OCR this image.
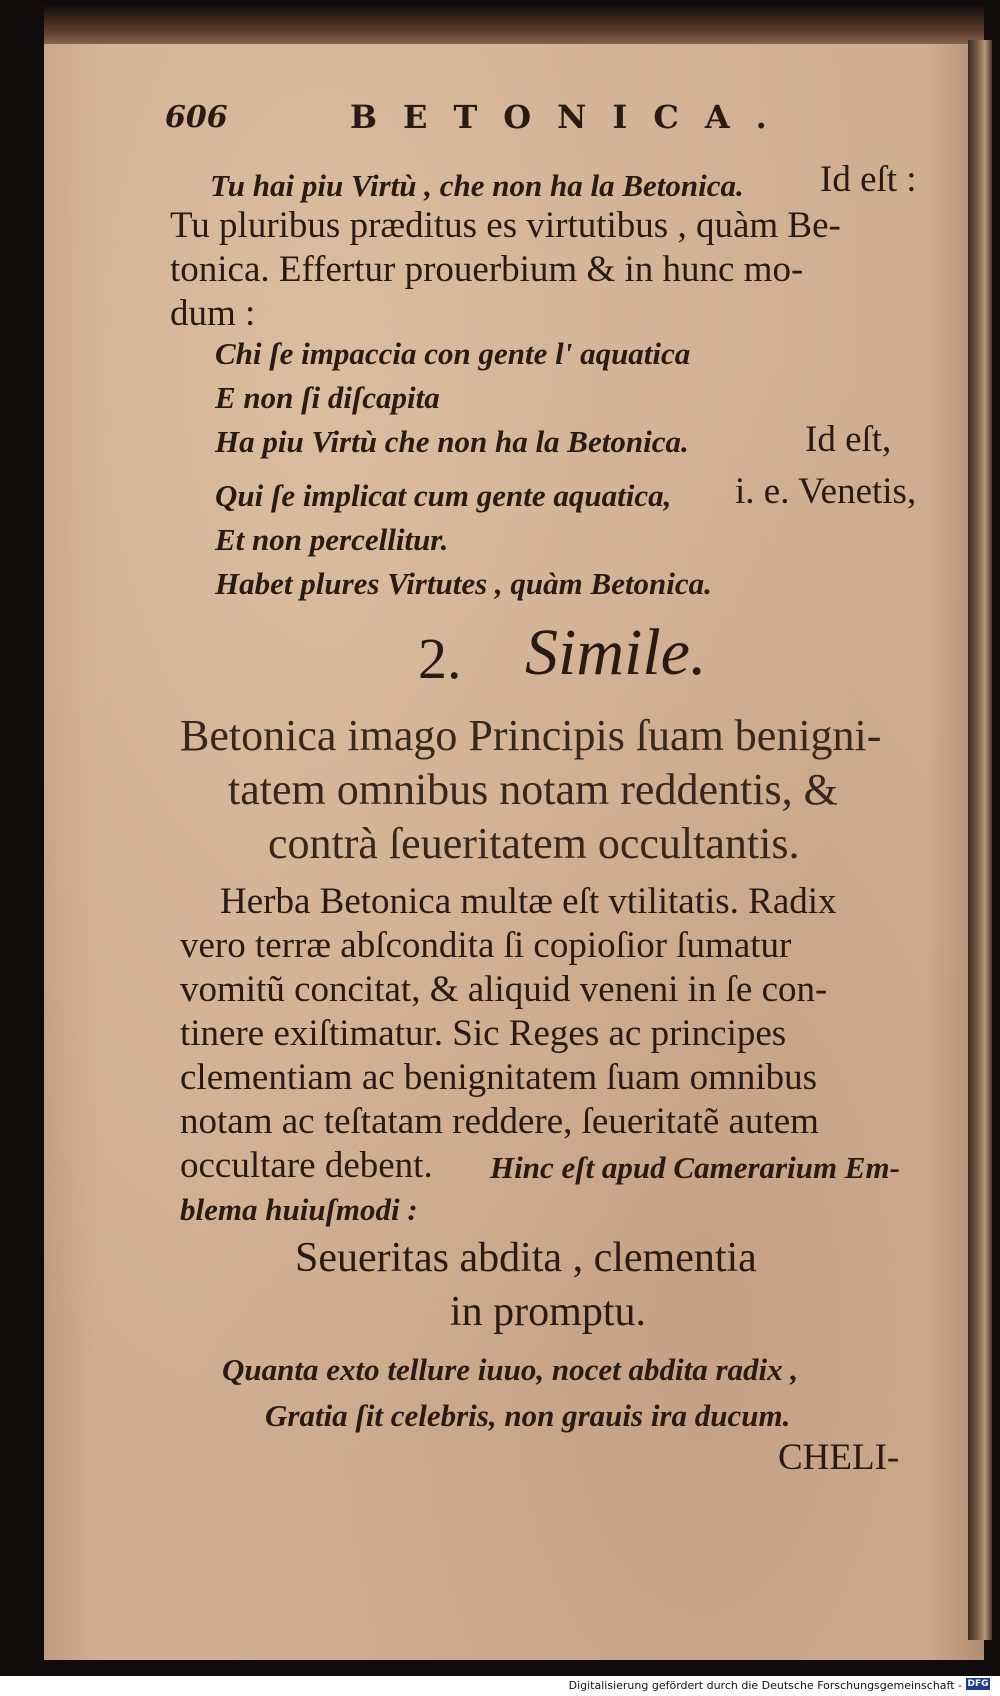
606	BETONICA.
Tu hai piu Virtù , che non ha la Betonica. Id eſt :
Tu pluribus præditus es virtutibus , quàm Be-
tonica. Effertur prouerbium & in hunc mo-
dum :
Chi ſe impaccia con gente l' aquatica
E non ſi diſcapita
Ha piu Virtù che non ha la Betonica.	Id eſt,
Qui ſe implicat cum gente aquatica, i. e. Venetis,
Et non percellitur.
Habet plures Virtutes , quàm Betonica.
2. Simile.
Betonica imago Principis ſuam benigni-
tatem omnibus notam reddentis, &
contrà ſeueritatem occultantis.
Herba Betonica multæ eſt vtilitatis. Radix
vero terræ abſcondita ſi copioſior ſumatur
vomitũ concitat, & aliquid veneni in ſe con-
tinere exiſtimatur. Sic Reges ac principes
clementiam ac benignitatem ſuam omnibus
notam ac teſtatam reddere, ſeueritatẽ autem
occultare debent. Hinc eſt apud Camerarium Em-
blema huiuſmodi :
Seueritas abdita , clementia
in promptu.
Quanta exto tellure iuuo, nocet abdita radix ,
Gratia ſit celebris, non grauis ira ducum.
CHELI-
Digitalisierung gefördert durch die Deutsche Forschungsgemeinschaft - DFG
